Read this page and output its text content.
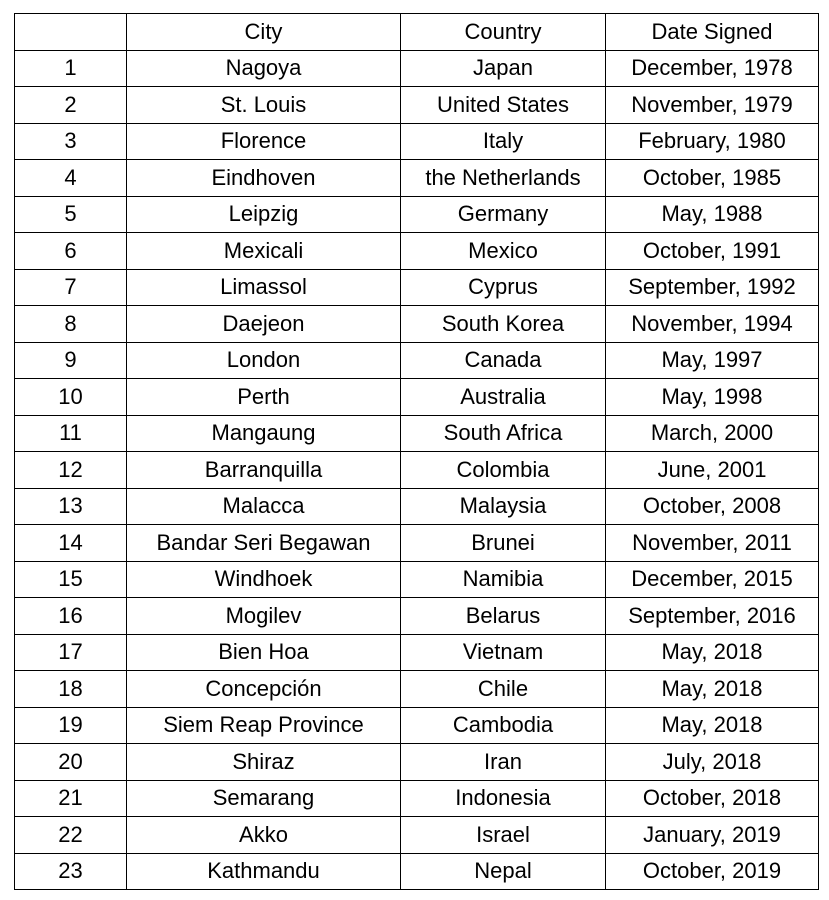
	City	Country	Date Signed
1	Nagoya	Japan	December, 1978
2	St. Louis	United States	November, 1979
3	Florence	Italy	February, 1980
4	Eindhoven	the Netherlands	October, 1985
5	Leipzig	Germany	May, 1988
6	Mexicali	Mexico	October, 1991
7	Limassol	Cyprus	September, 1992
8	Daejeon	South Korea	November, 1994
9	London	Canada	May, 1997
10	Perth	Australia	May, 1998
11	Mangaung	South Africa	March, 2000
12	Barranquilla	Colombia	June, 2001
13	Malacca	Malaysia	October, 2008
14	Bandar Seri Begawan	Brunei	November, 2011
15	Windhoek	Namibia	December, 2015
16	Mogilev	Belarus	September, 2016
17	Bien Hoa	Vietnam	May, 2018
18	Concepción	Chile	May, 2018
19	Siem Reap Province	Cambodia	May, 2018
20	Shiraz	Iran	July, 2018
21	Semarang	Indonesia	October, 2018
22	Akko	Israel	January, 2019
23	Kathmandu	Nepal	October, 2019
